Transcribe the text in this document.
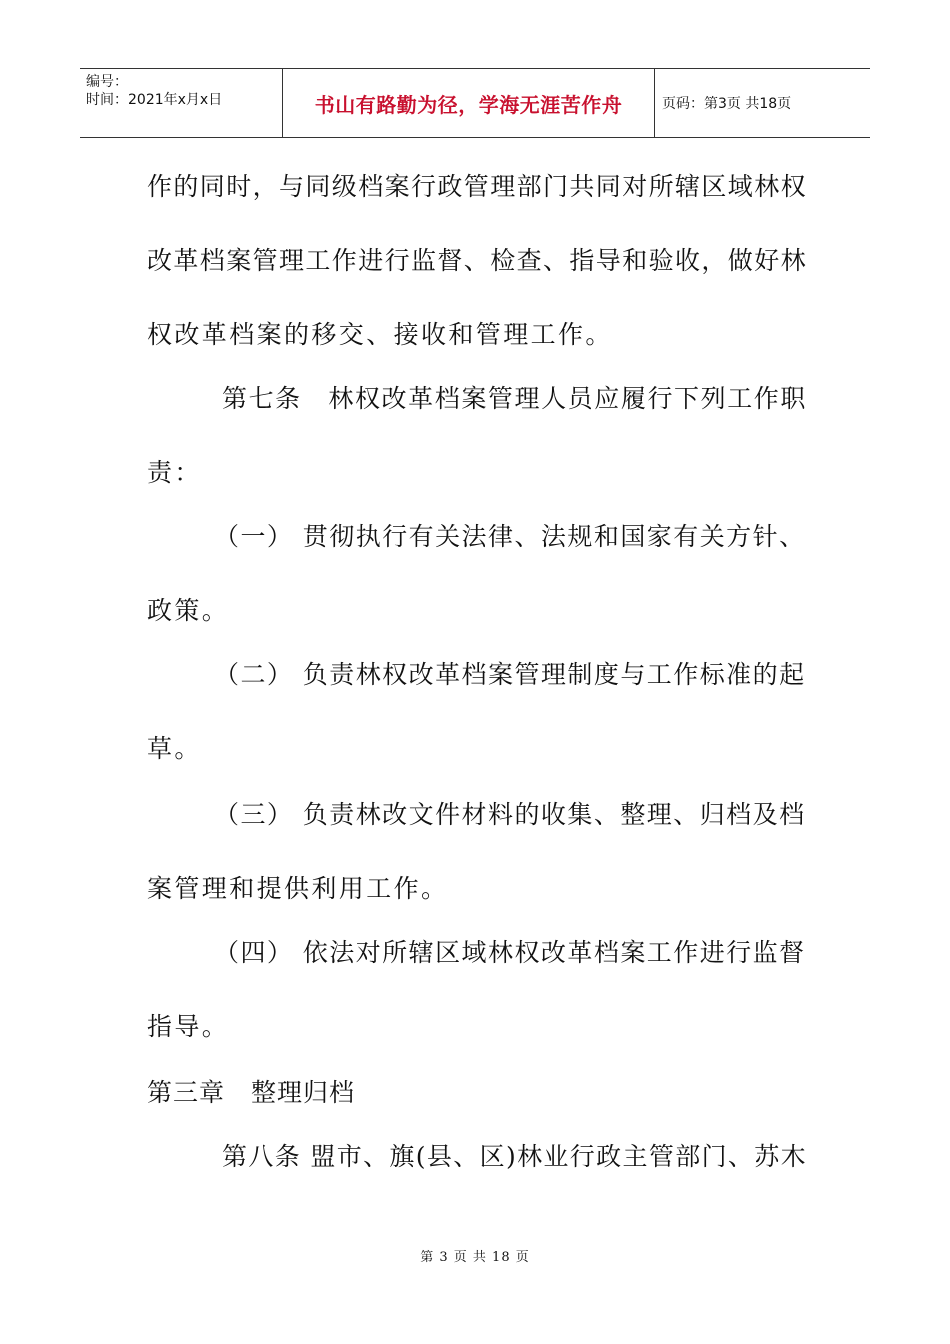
编号：
时间：2021年x月x日	书山有路勤为径，学海无涯苦作舟	页码：第3页 共18页
作的同时，与同级档案行政管理部门共同对所辖区域林权
改革档案管理工作进行监督、检查、指导和验收，做好林
权改革档案的移交、接收和管理工作。
第七条　林权改革档案管理人员应履行下列工作职
责：
（一） 贯彻执行有关法律、法规和国家有关方针、
政策。
（二） 负责林权改革档案管理制度与工作标准的起
草。
（三） 负责林改文件材料的收集、整理、归档及档
案管理和提供利用工作。
（四） 依法对所辖区域林权改革档案工作进行监督
指导。
第三章　整理归档
第八条 盟市、旗(县、区)林业行政主管部门、苏木
第 3 页 共 18 页
